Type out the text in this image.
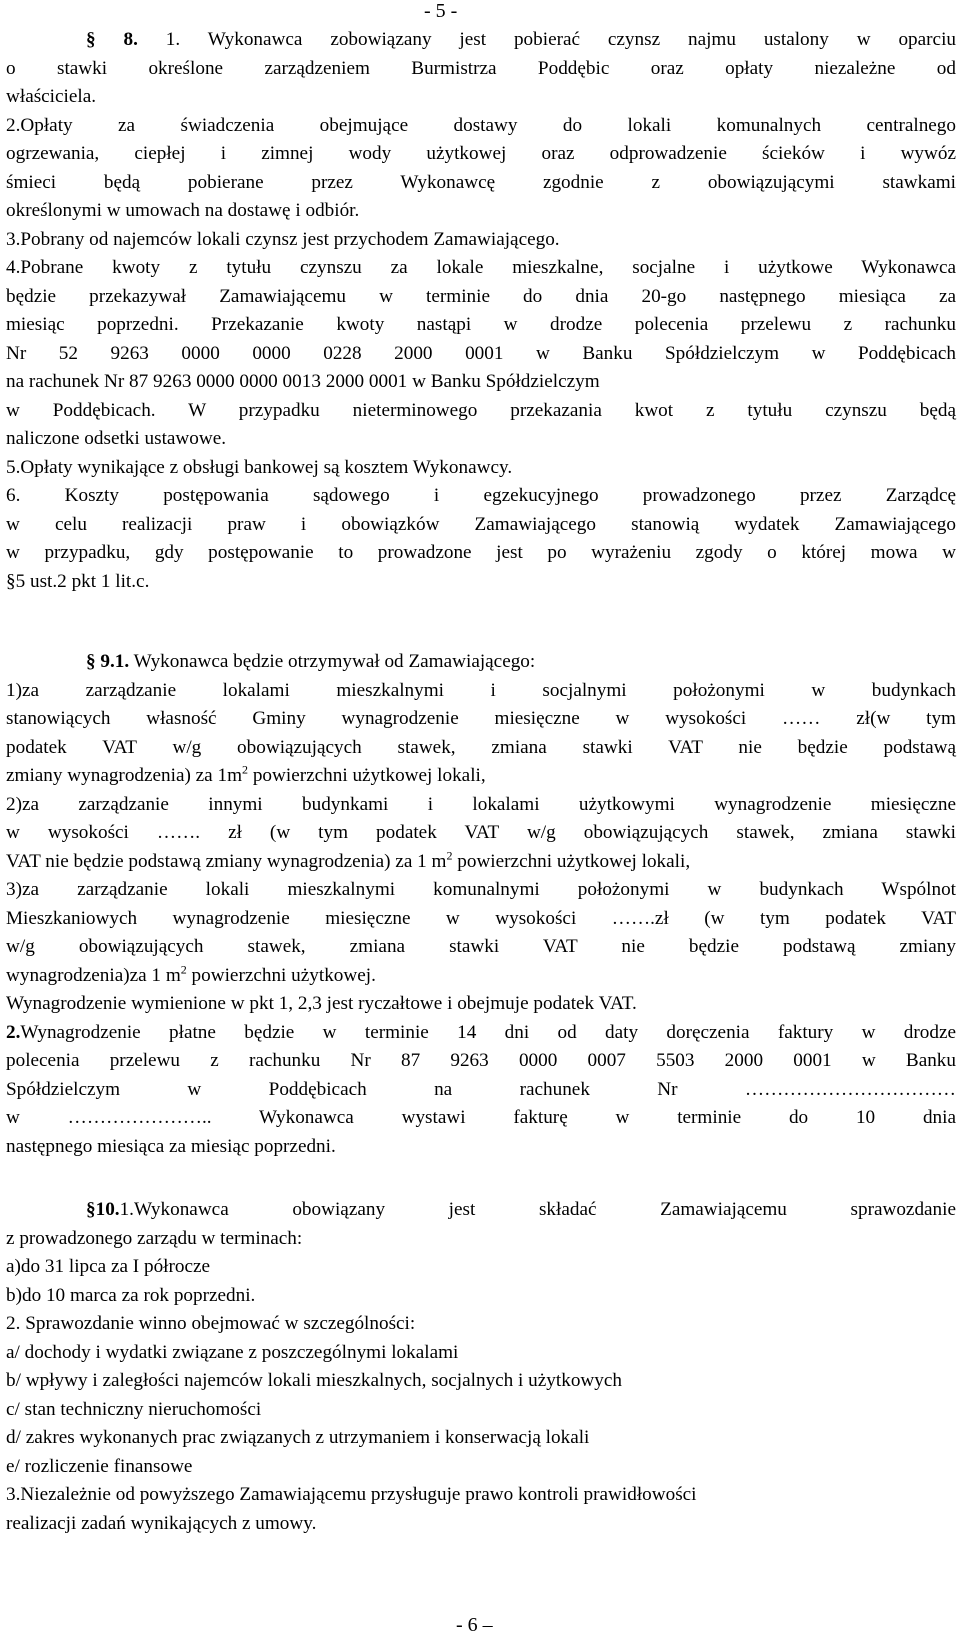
- 5 -
§ 8. 1. Wykonawca zobowiązany jest pobierać czynsz najmu ustalony w oparciu
o stawki określone zarządzeniem Burmistrza Poddębic oraz opłaty niezależne od
właściciela.
2.Opłaty za świadczenia obejmujące dostawy do lokali komunalnych centralnego
ogrzewania, ciepłej i zimnej wody użytkowej oraz odprowadzenie ścieków i wywóz
śmieci będą pobierane przez Wykonawcę zgodnie z obowiązującymi stawkami
określonymi w umowach na dostawę i odbiór.
3.Pobrany od najemców lokali czynsz jest przychodem Zamawiającego.
4.Pobrane kwoty z tytułu czynszu za lokale mieszkalne, socjalne i użytkowe Wykonawca
będzie przekazywał Zamawiającemu w terminie do dnia 20-go następnego miesiąca za
miesiąc poprzedni. Przekazanie kwoty nastąpi w drodze polecenia przelewu z rachunku
Nr 52 9263 0000 0000 0228 2000 0001 w Banku Spółdzielczym w Poddębicach
na rachunek Nr 87 9263 0000 0000 0013 2000 0001 w Banku Spółdzielczym
w Poddębicach. W przypadku nieterminowego przekazania kwot z tytułu czynszu będą
naliczone odsetki ustawowe.
5.Opłaty wynikające z obsługi bankowej są kosztem Wykonawcy.
6. Koszty postępowania sądowego i egzekucyjnego prowadzonego przez Zarządcę
w celu realizacji praw i obowiązków Zamawiającego stanowią wydatek Zamawiającego
w przypadku, gdy postępowanie to prowadzone jest po wyrażeniu zgody o której mowa w
§5 ust.2 pkt 1 lit.c.
§ 9.1. Wykonawca będzie otrzymywał od Zamawiającego:
1)za zarządzanie lokalami mieszkalnymi i socjalnymi położonymi w budynkach
stanowiących własność Gminy wynagrodzenie miesięczne w wysokości …… zł(w tym
podatek VAT w/g obowiązujących stawek, zmiana stawki VAT nie będzie podstawą
zmiany wynagrodzenia) za $1m^2$ powierzchni użytkowej lokali,
2)za zarządzanie innymi budynkami i lokalami użytkowymi wynagrodzenie miesięczne
w wysokości ……. zł (w tym podatek VAT w/g obowiązujących stawek, zmiana stawki
VAT nie będzie podstawą zmiany wynagrodzenia) za 1 $m^2$ powierzchni użytkowej lokali,
3)za zarządzanie lokali mieszkalnymi komunalnymi położonymi w budynkach Wspólnot
Mieszkaniowych wynagrodzenie miesięczne w wysokości …….zł (w tym podatek VAT
w/g obowiązujących stawek, zmiana stawki VAT nie będzie podstawą zmiany
wynagrodzenia)za 1 $m^2$ powierzchni użytkowej.
Wynagrodzenie wymienione w pkt 1, 2,3 jest ryczałtowe i obejmuje podatek VAT.
2.Wynagrodzenie płatne będzie w terminie 14 dni od daty doręczenia faktury w drodze
polecenia przelewu z rachunku Nr 87 9263 0000 0007 5503 2000 0001 w Banku
Spółdzielczym w Poddębicach na rachunek Nr ……………………………
w ………………….. Wykonawca wystawi fakturę w terminie do 10 dnia
następnego miesiąca za miesiąc poprzedni.
§10.1.Wykonawca obowiązany jest składać Zamawiającemu sprawozdanie
z prowadzonego zarządu w terminach:
a)do 31 lipca za I półrocze
b)do 10 marca za rok poprzedni.
2. Sprawozdanie winno obejmować w szczególności:
a/ dochody i wydatki związane z poszczególnymi lokalami
b/ wpływy i zaległości najemców lokali mieszkalnych, socjalnych i użytkowych
c/ stan techniczny nieruchomości
d/ zakres wykonanych prac związanych z utrzymaniem i konserwacją lokali
e/ rozliczenie finansowe
3.Niezależnie od powyższego Zamawiającemu przysługuje prawo kontroli prawidłowości
realizacji zadań wynikających z umowy.
- 6 –
